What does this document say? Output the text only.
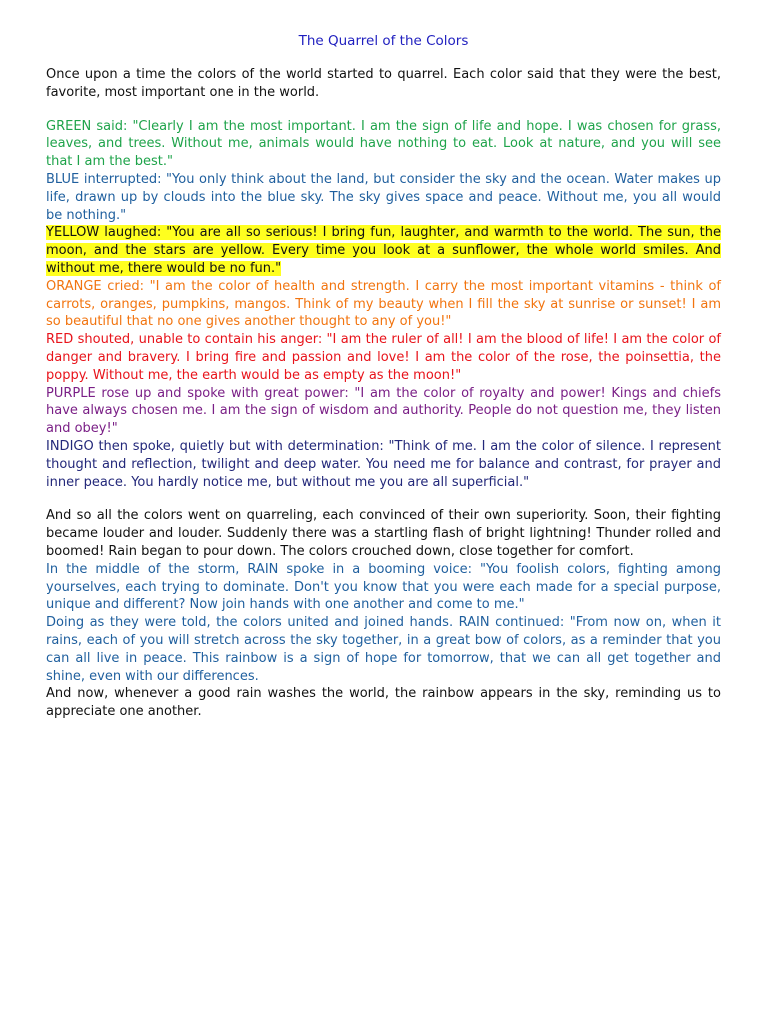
The Quarrel of the Colors

Once upon a time the colors of the world started to quarrel. Each color said that they were the best, favorite, most important one in the world.

GREEN said: "Clearly I am the most important. I am the sign of life and hope. I was chosen for grass, leaves, and trees. Without me, animals would have nothing to eat. Look at nature, and you will see that I am the best."

BLUE interrupted: "You only think about the land, but consider the sky and the ocean. Water makes up life, drawn up by clouds into the blue sky. The sky gives space and peace. Without me, you all would be nothing."

YELLOW laughed: "You are all so serious! I bring fun, laughter, and warmth to the world. The sun, the moon, and the stars are yellow. Every time you look at a sunflower, the whole world smiles. And without me, there would be no fun."

ORANGE cried: "I am the color of health and strength. I carry the most important vitamins - think of carrots, oranges, pumpkins, mangos. Think of my beauty when I fill the sky at sunrise or sunset! I am so beautiful that no one gives another thought to any of you!"

RED shouted, unable to contain his anger: "I am the ruler of all! I am the blood of life! I am the color of danger and bravery. I bring fire and passion and love! I am the color of the rose, the poinsettia, the poppy. Without me, the earth would be as empty as the moon!"

PURPLE rose up and spoke with great power: "I am the color of royalty and power! Kings and chiefs have always chosen me. I am the sign of wisdom and authority. People do not question me, they listen and obey!"

INDIGO then spoke, quietly but with determination: "Think of me. I am the color of silence. I represent thought and reflection, twilight and deep water. You need me for balance and contrast, for prayer and inner peace. You hardly notice me, but without me you are all superficial."

And so all the colors went on quarreling, each convinced of their own superiority. Soon, their fighting became louder and louder. Suddenly there was a startling flash of bright lightning! Thunder rolled and boomed! Rain began to pour down. The colors crouched down, close together for comfort.

In the middle of the storm, RAIN spoke in a booming voice: "You foolish colors, fighting among yourselves, each trying to dominate. Don't you know that you were each made for a special purpose, unique and different? Now join hands with one another and come to me."

Doing as they were told, the colors united and joined hands. RAIN continued: "From now on, when it rains, each of you will stretch across the sky together, in a great bow of colors, as a reminder that you can all live in peace. This rainbow is a sign of hope for tomorrow, that we can all get together and shine, even with our differences.

And now, whenever a good rain washes the world, the rainbow appears in the sky, reminding us to appreciate one another.
